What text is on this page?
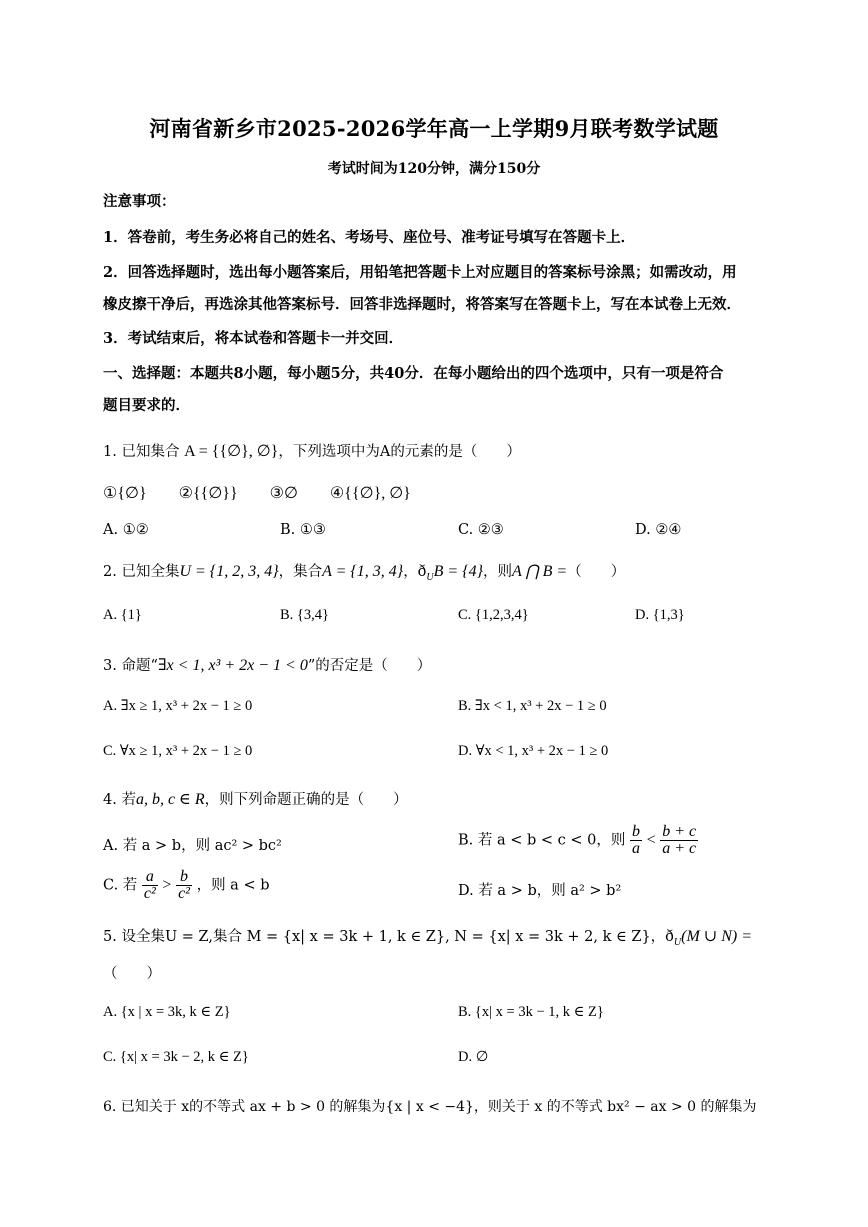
河南省新乡市2025-2026学年高一上学期9月联考数学试题
考试时间为120分钟，满分150分
注意事项：
1．答卷前，考生务必将自己的姓名、考场号、座位号、准考证号填写在答题卡上．
2．回答选择题时，选出每小题答案后，用铅笔把答题卡上对应题目的答案标号涂黑；如需改动，用
橡皮擦干净后，再选涂其他答案标号．回答非选择题时，将答案写在答题卡上，写在本试卷上无效．
3．考试结束后，将本试卷和答题卡一并交回．
一、选择题：本题共8小题，每小题5分，共40分．在每小题给出的四个选项中，只有一项是符合
题目要求的．
1. 已知集合 A = {{∅}, ∅}，下列选项中为A的元素的是（　　）
①{∅}　　②{{∅}}　　③∅　　④{{∅}, ∅}
A. ①②	B. ①③	C. ②③	D. ②④
2. 已知全集U = {1, 2, 3, 4}，集合A = {1, 3, 4}，$ð_UB = \{4\}$，则A ⋂ B =（　　）
A. {1}	B. {3,4}	C. {1,2,3,4}	D. {1,3}
3. 命题“∃x < 1, x³ + 2x − 1 < 0”的否定是（　　）
A. ∃x ≥ 1, x³ + 2x − 1 ≥ 0	B. ∃x < 1, x³ + 2x − 1 ≥ 0
C. ∀x ≥ 1, x³ + 2x − 1 ≥ 0	D. ∀x < 1, x³ + 2x − 1 ≥ 0
4. 若a, b, c ∈ R，则下列命题正确的是（　　）
A. 若 a > b，则 ac² > bc²	B. 若 a < b < c < 0，则 $\frac{b}{a} < \frac{b + c}{a + c}$
C. 若 $\frac{a}{\text{c²}} > \frac{b}{\text{c²}}$ ，则 a < b	D. 若 a > b，则 a² > b²
5. 设全集U = Z,集合 M = {x| x = 3k + 1, k ∈ Z}, N = {x| x = 3k + 2, k ∈ Z}，$ð_U(M$ ∪ N) =
（　　）
A. {x | x = 3k, k ∈ Z}	B. {x| x = 3k − 1, k ∈ Z}
C. {x| x = 3k − 2, k ∈ Z}	D. ∅
6. 已知关于 x的不等式 ax + b > 0 的解集为{x | x < −4}，则关于 x 的不等式 bx² − ax > 0 的解集为
